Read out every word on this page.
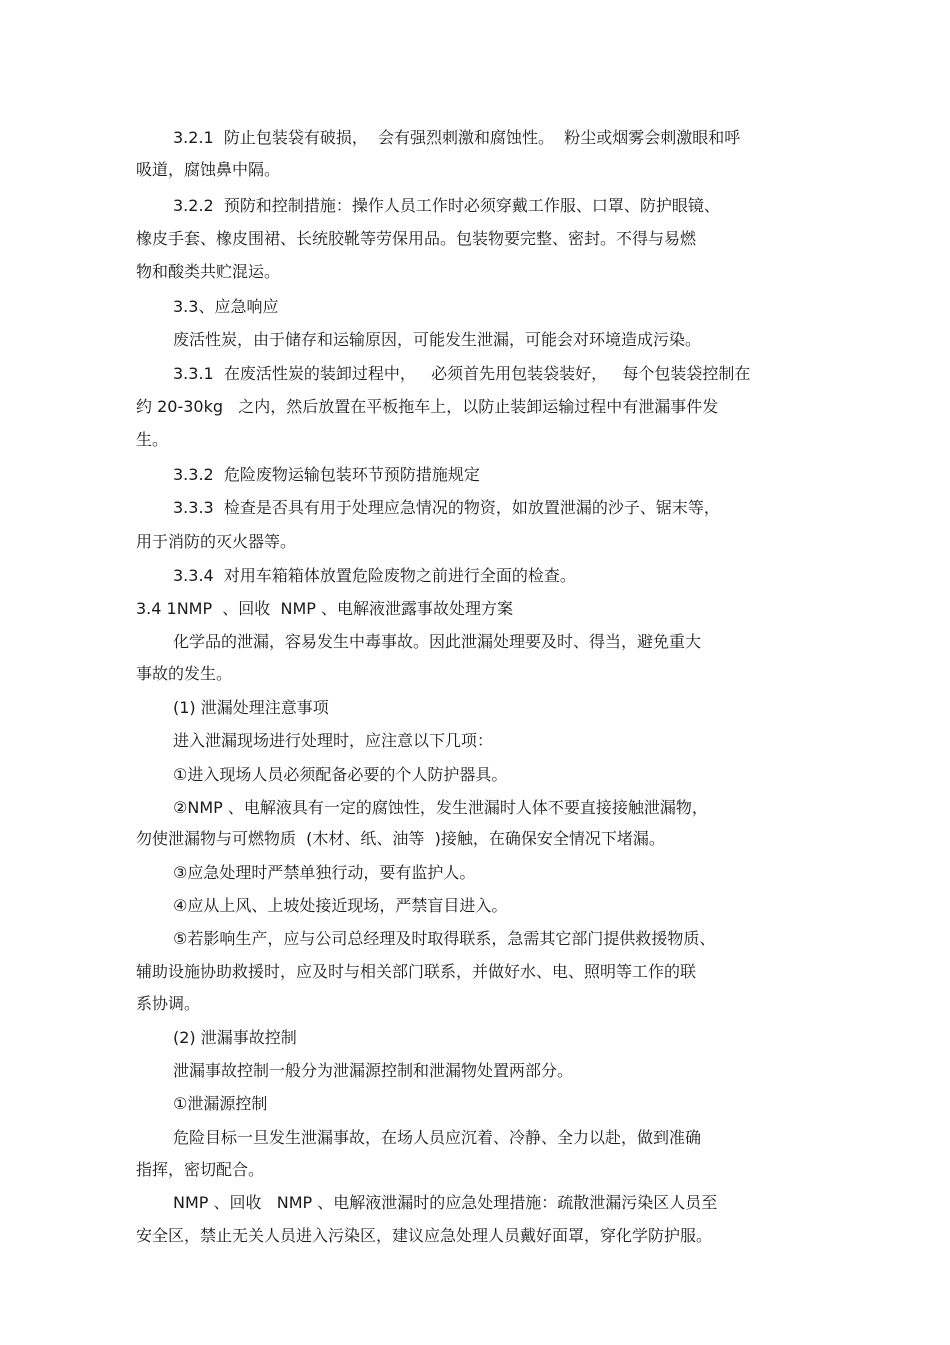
3.2.1  防止包装袋有破损，  会有强烈刺激和腐蚀性。  粉尘或烟雾会刺激眼和呼
吸道，腐蚀鼻中隔。
3.2.2  预防和控制措施：操作人员工作时必须穿戴工作服、口罩、防护眼镜、
橡皮手套、橡皮围裙、长统胶靴等劳保用品。包装物要完整、密封。不得与易燃
物和酸类共贮混运。
3.3、应急响应
废活性炭，由于储存和运输原因，可能发生泄漏，可能会对环境造成污染。
3.3.1  在废活性炭的装卸过程中，   必须首先用包装袋装好，   每个包装袋控制在
约 20-30kg   之内，然后放置在平板拖车上，以防止装卸运输过程中有泄漏事件发
生。
3.3.2  危险废物运输包装环节预防措施规定
3.3.3  检查是否具有用于处理应急情况的物资，如放置泄漏的沙子、锯末等，
用于消防的灭火器等。
3.3.4  对用车箱箱体放置危险废物之前进行全面的检查。
3.4 1NMP  、回收  NMP 、电解液泄露事故处理方案
化学品的泄漏，容易发生中毒事故。因此泄漏处理要及时、得当，避免重大
事故的发生。
(1) 泄漏处理注意事项
进入泄漏现场进行处理时，应注意以下几项：
①进入现场人员必须配备必要的个人防护器具。
②NMP 、电解液具有一定的腐蚀性，发生泄漏时人体不要直接接触泄漏物，
勿使泄漏物与可燃物质  (木材、纸、油等  )接触，在确保安全情况下堵漏。
③应急处理时严禁单独行动，要有监护人。
④应从上风、上坡处接近现场，严禁盲目进入。
⑤若影响生产，应与公司总经理及时取得联系，急需其它部门提供救援物质、
辅助设施协助救援时，应及时与相关部门联系，并做好水、电、照明等工作的联
系协调。
(2) 泄漏事故控制
泄漏事故控制一般分为泄漏源控制和泄漏物处置两部分。
①泄漏源控制
危险目标一旦发生泄漏事故，在场人员应沉着、冷静、全力以赴，做到准确
指挥，密切配合。
NMP 、回收   NMP 、电解液泄漏时的应急处理措施：疏散泄漏污染区人员至
安全区，禁止无关人员进入污染区，建议应急处理人员戴好面罩，穿化学防护服。
